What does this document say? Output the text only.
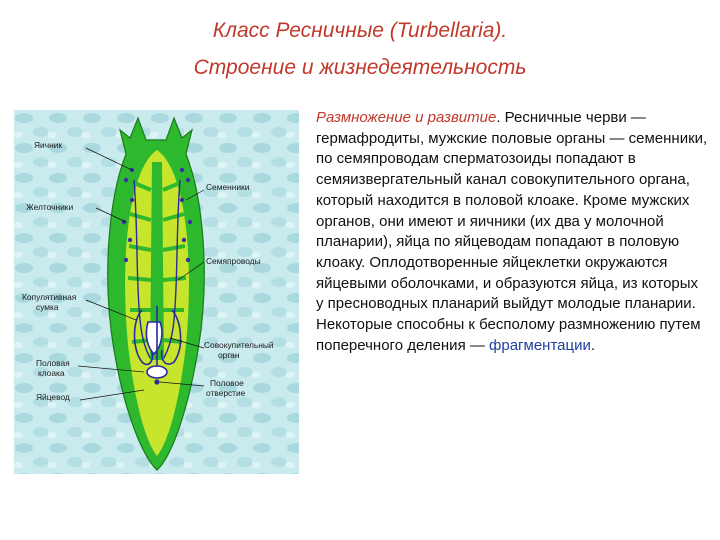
Класс Ресничные (Turbellaria).
Строение и жизнедеятельность
Яичник
Желточники
Копулятивная
сумка
Половая
клоака
Яйцевод
Семенники
Семяпроводы
Совокупительный
орган
Половое
отверстие
Размножение и развитие. Ресничные черви — гермафродиты, мужские половые органы — семенники, по семяпроводам сперматозоиды попадают в семяизвергательный канал совокупительного органа, который находится в половой клоаке. Кроме мужских органов, они имеют и яичники (их два у молочной планарии), яйца по яйцеводам попадают в половую клоаку. Оплодотворенные яйцеклетки окружаются яйцевыми оболочками, и образуются яйца, из которых у пресноводных планарий выйдут молодые планарии.
Некоторые способны к бесполому размножению путем поперечного деления — фрагментации.
